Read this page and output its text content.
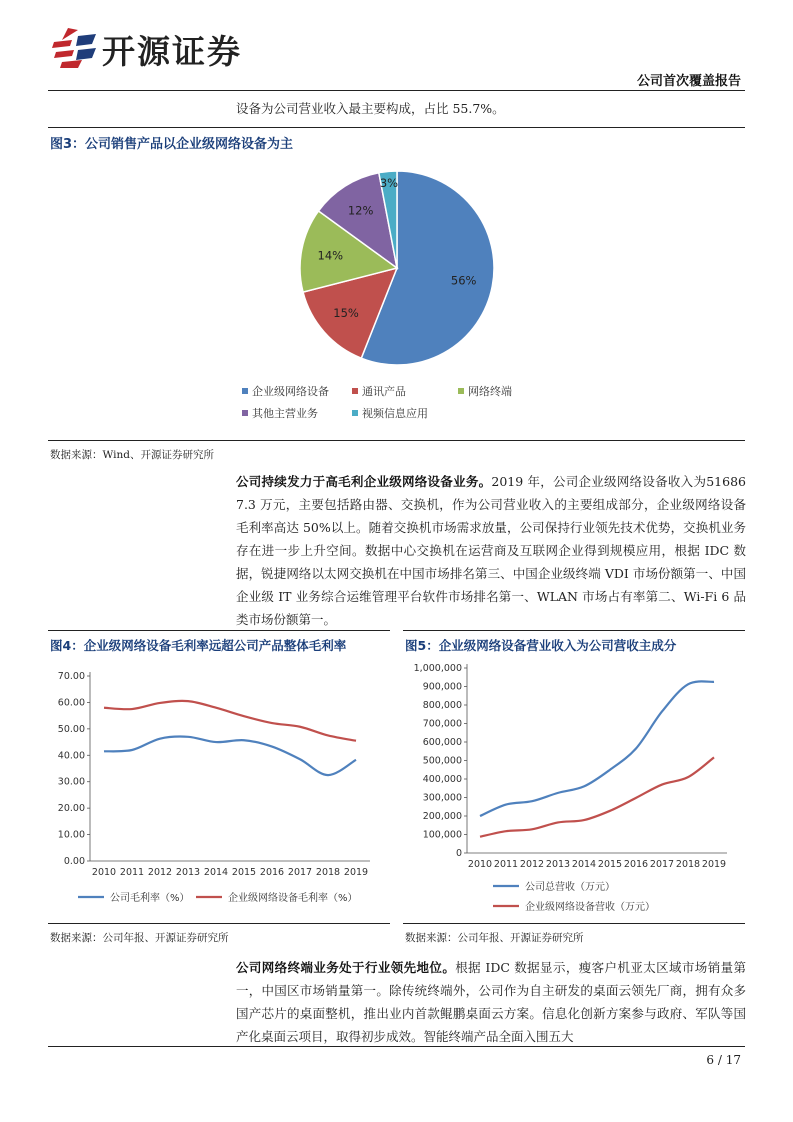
开源证券
公司首次覆盖报告
设备为公司营业收入最主要构成，占比 55.7%。
图3：公司销售产品以企业级网络设备为主
56%
15%
14%
12%
3%
企业级网络设备	通讯产品	网络终端
其他主营业务	视频信息应用
数据来源：Wind、开源证券研究所
公司持续发力于高毛利企业级网络设备业务。2019 年，公司企业级网络设备收入为516867.3 万元，主要包括路由器、交换机，作为公司营业收入的主要组成部分，企业级网络设备毛利率高达 50%以上。随着交换机市场需求放量，公司保持行业领先技术优势，交换机业务存在进一步上升空间。数据中心交换机在运营商及互联网企业得到规模应用，根据 IDC 数据，锐捷网络以太网交换机在中国市场排名第三、中国企业级终端 VDI 市场份额第一、中国企业级 IT 业务综合运维管理平台软件市场排名第一、WLAN 市场占有率第二、Wi-Fi 6 品类市场份额第一。
图4：企业级网络设备毛利率远超公司产品整体毛利率
0.00
10.00
20.00
30.00
40.00
50.00
60.00
70.00
2010 2011 2012 2013 2014 2015 2016 2017 2018 2019
公司毛利率（%）	企业级网络设备毛利率（%）
数据来源：公司年报、开源证券研究所
图5：企业级网络设备营业收入为公司营收主成分
0
100,000
200,000
300,000
400,000
500,000
600,000
700,000
800,000
900,000
1,000,000
2010 2011 2012 2013 2014 2015 2016 2017 2018 2019
公司总营收（万元）
企业级网络设备营收（万元）
数据来源：公司年报、开源证券研究所
公司网络终端业务处于行业领先地位。根据 IDC 数据显示，瘦客户机亚太区域市场销量第一，中国区市场销量第一。除传统终端外，公司作为自主研发的桌面云领先厂商，拥有众多国产芯片的桌面整机，推出业内首款鲲鹏桌面云方案。信息化创新方案参与政府、军队等国产化桌面云项目，取得初步成效。智能终端产品全面入围五大
6 / 17
